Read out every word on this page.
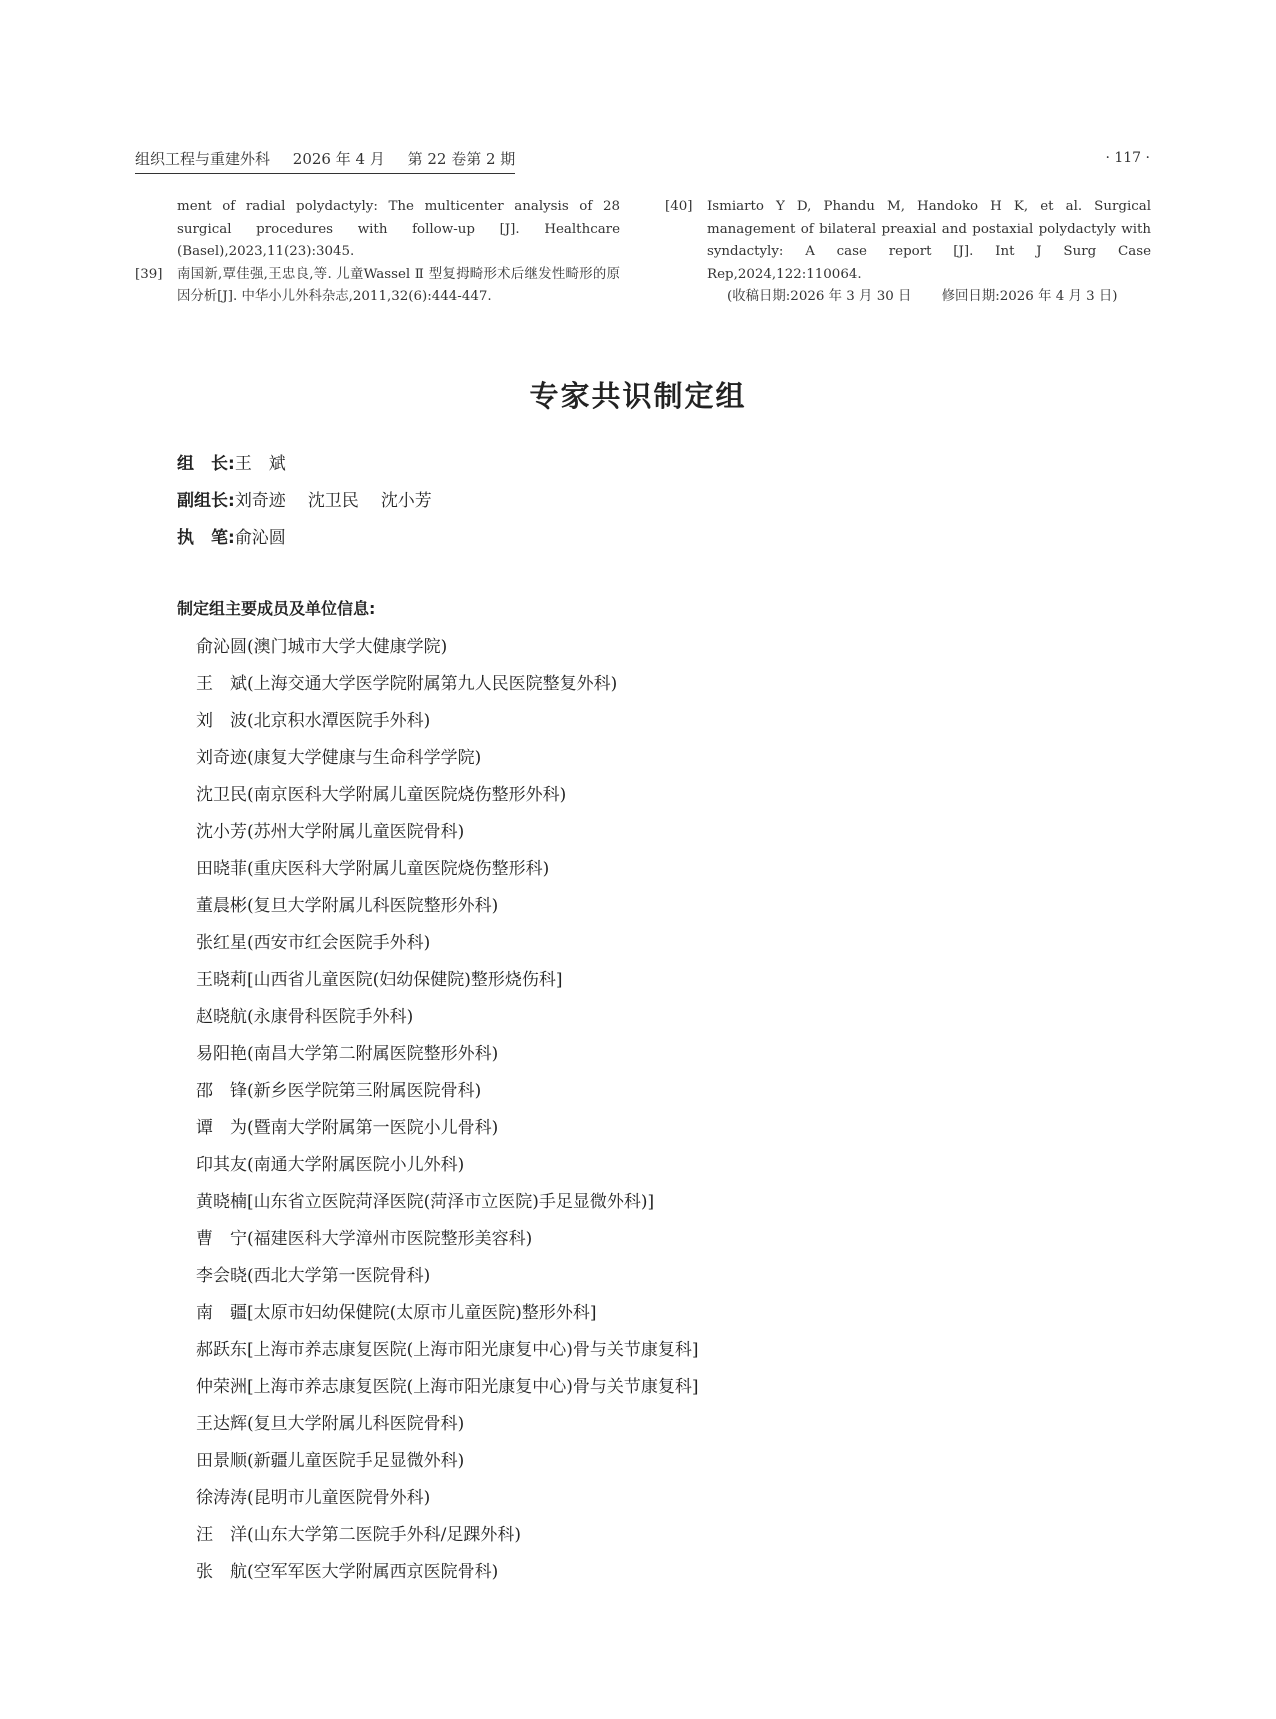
组织工程与重建外科 2026 年 4 月 第 22 卷第 2 期	· 117 ·
ment of radial polydactyly: The multicenter analysis of 28 surgical procedures with follow-up [J]. Healthcare (Basel),2023,11(23):3045.
[39] 南国新,覃佳强,王忠良,等. 儿童Wassel Ⅱ 型复拇畸形术后继发性畸形的原因分析[J]. 中华小儿外科杂志,2011,32(6):444-447.
[40] Ismiarto Y D, Phandu M, Handoko H K, et al. Surgical management of bilateral preaxial and postaxial polydactyly with syndactyly: A case report [J]. Int J Surg Case Rep,2024,122:110064.
(收稿日期:2026 年 3 月 30 日 修回日期:2026 年 4 月 3 日)
专家共识制定组
组　长:王　斌
副组长:刘奇迹 沈卫民 沈小芳
执　笔:俞沁圆
制定组主要成员及单位信息:
俞沁圆(澳门城市大学大健康学院)
王　斌(上海交通大学医学院附属第九人民医院整复外科)
刘　波(北京积水潭医院手外科)
刘奇迹(康复大学健康与生命科学学院)
沈卫民(南京医科大学附属儿童医院烧伤整形外科)
沈小芳(苏州大学附属儿童医院骨科)
田晓菲(重庆医科大学附属儿童医院烧伤整形科)
董晨彬(复旦大学附属儿科医院整形外科)
张红星(西安市红会医院手外科)
王晓莉[山西省儿童医院(妇幼保健院)整形烧伤科]
赵晓航(永康骨科医院手外科)
易阳艳(南昌大学第二附属医院整形外科)
邵　锋(新乡医学院第三附属医院骨科)
谭　为(暨南大学附属第一医院小儿骨科)
印其友(南通大学附属医院小儿外科)
黄晓楠[山东省立医院菏泽医院(菏泽市立医院)手足显微外科)]
曹　宁(福建医科大学漳州市医院整形美容科)
李会晓(西北大学第一医院骨科)
南　疆[太原市妇幼保健院(太原市儿童医院)整形外科]
郝跃东[上海市养志康复医院(上海市阳光康复中心)骨与关节康复科]
仲荣洲[上海市养志康复医院(上海市阳光康复中心)骨与关节康复科]
王达辉(复旦大学附属儿科医院骨科)
田景顺(新疆儿童医院手足显微外科)
徐涛涛(昆明市儿童医院骨外科)
汪　洋(山东大学第二医院手外科/足踝外科)
张　航(空军军医大学附属西京医院骨科)
